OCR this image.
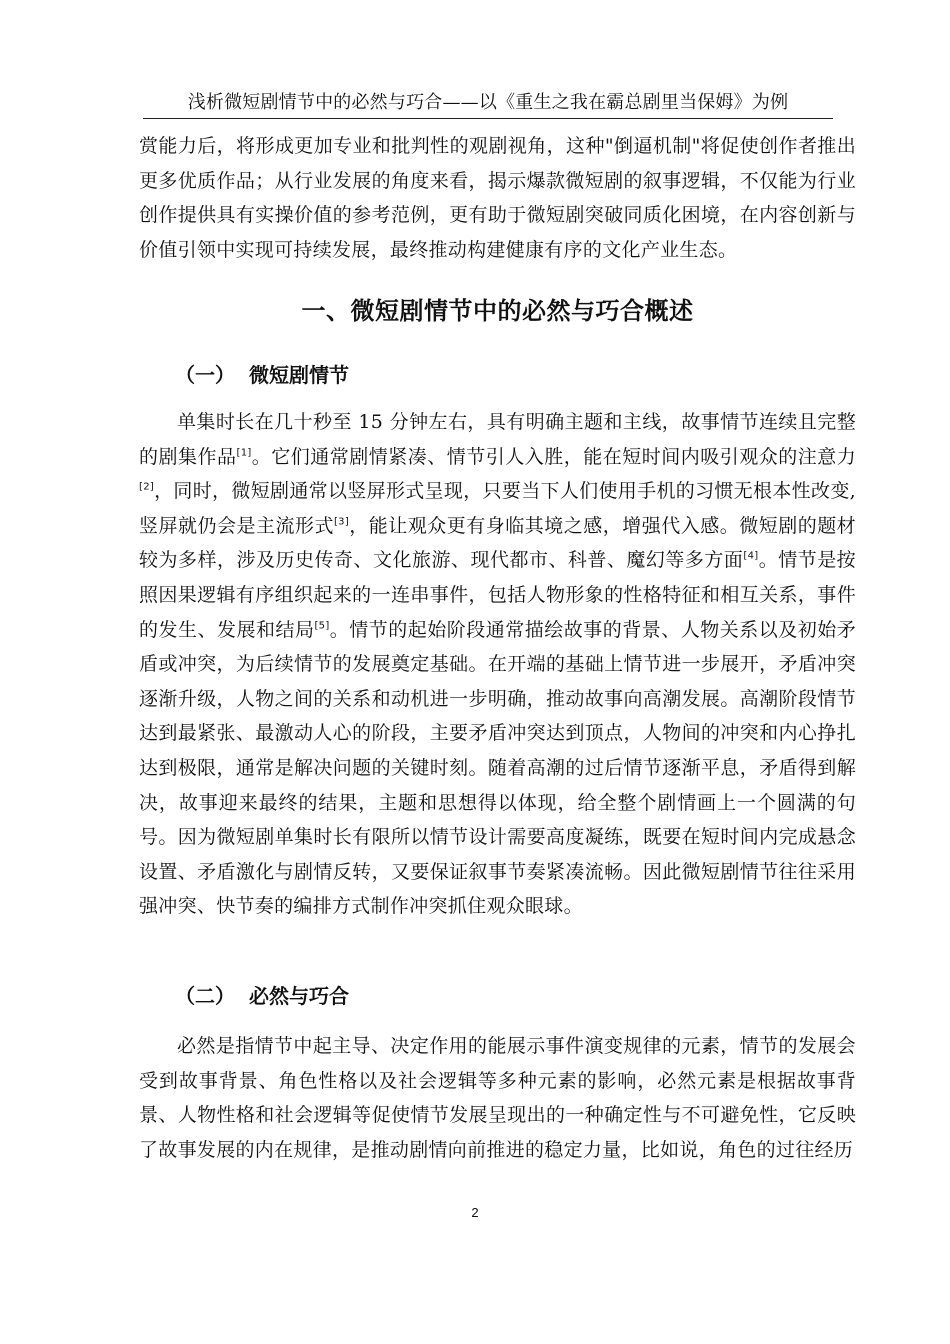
浅析微短剧情节中的必然与巧合——以《重生之我在霸总剧里当保姆》为例

赏能力后，将形成更加专业和批判性的观剧视角，这种"倒逼机制"将促使创作者推出更多优质作品；从行业发展的角度来看，揭示爆款微短剧的叙事逻辑，不仅能为行业创作提供具有实操价值的参考范例，更有助于微短剧突破同质化困境，在内容创新与价值引领中实现可持续发展，最终推动构建健康有序的文化产业生态。

一、微短剧情节中的必然与巧合概述
（一） 微短剧情节

单集时长在几十秒至 15 分钟左右，具有明确主题和主线，故事情节连续且完整的剧集作品[1]。它们通常剧情紧凑、情节引人入胜，能在短时间内吸引观众的注意力[2]，同时，微短剧通常以竖屏形式呈现，只要当下人们使用手机的习惯无根本性改变,竖屏就仍会是主流形式[3]，能让观众更有身临其境之感，增强代入感。微短剧的题材较为多样，涉及历史传奇、文化旅游、现代都市、科普、魔幻等多方面[4]。情节是按照因果逻辑有序组织起来的一连串事件，包括人物形象的性格特征和相互关系，事件的发生、发展和结局[5]。情节的起始阶段通常描绘故事的背景、人物关系以及初始矛盾或冲突，为后续情节的发展奠定基础。在开端的基础上情节进一步展开，矛盾冲突逐渐升级，人物之间的关系和动机进一步明确，推动故事向高潮发展。高潮阶段情节达到最紧张、最激动人心的阶段，主要矛盾冲突达到顶点，人物间的冲突和内心挣扎达到极限，通常是解决问题的关键时刻。随着高潮的过后情节逐渐平息，矛盾得到解决，故事迎来最终的结果，主题和思想得以体现，给全整个剧情画上一个圆满的句号。因为微短剧单集时长有限所以情节设计需要高度凝练，既要在短时间内完成悬念设置、矛盾激化与剧情反转，又要保证叙事节奏紧凑流畅。因此微短剧情节往往采用强冲突、快节奏的编排方式制作冲突抓住观众眼球。

（二） 必然与巧合

必然是指情节中起主导、决定作用的能展示事件演变规律的元素，情节的发展会受到故事背景、角色性格以及社会逻辑等多种元素的影响，必然元素是根据故事背景、人物性格和社会逻辑等促使情节发展呈现出的一种确定性与不可避免性，它反映了故事发展的内在规律，是推动剧情向前推进的稳定力量，比如说，角色的过往经历

2
